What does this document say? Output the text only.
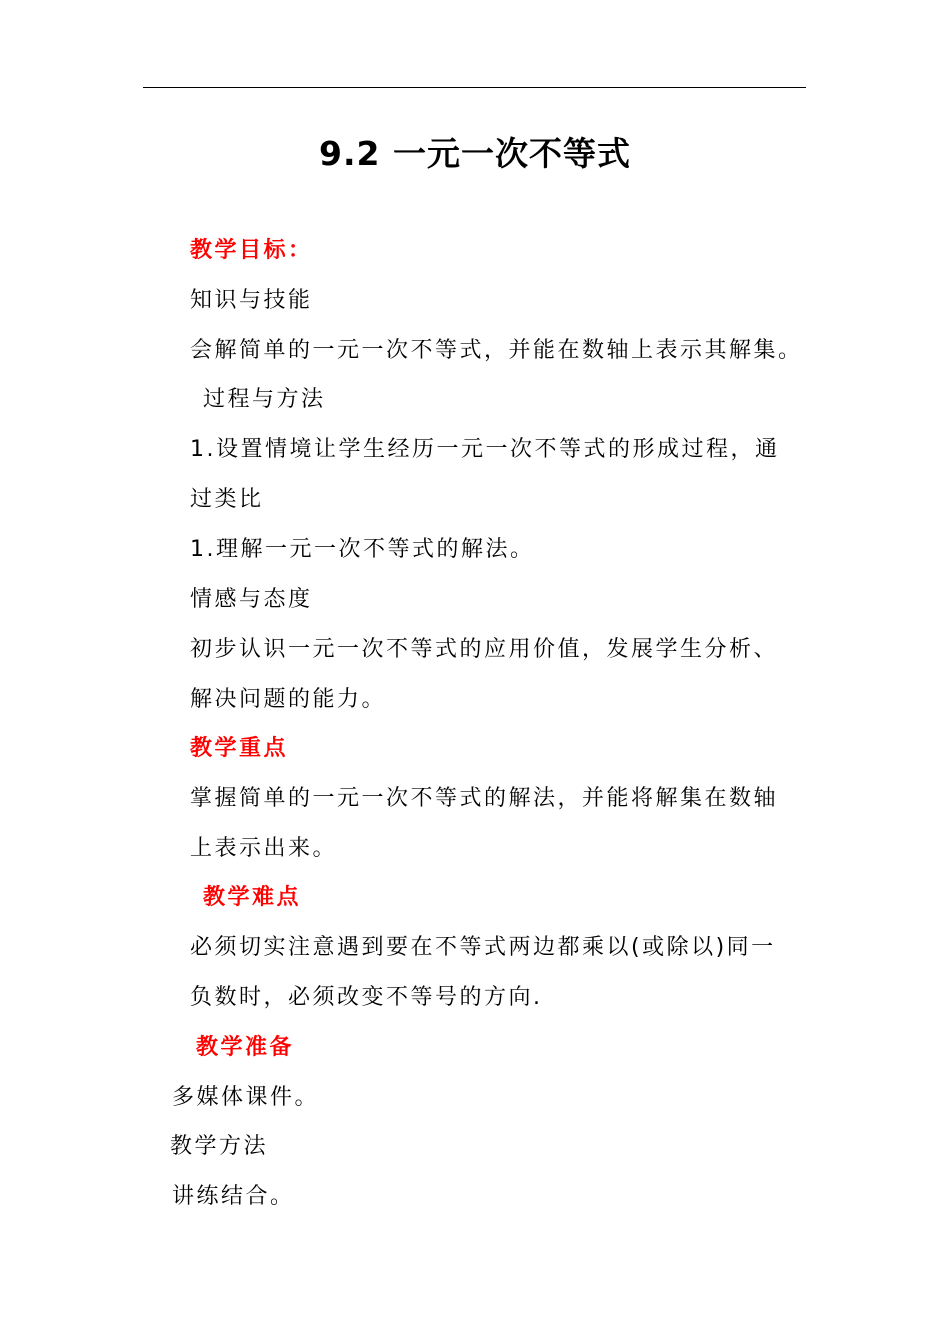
9.2 一元一次不等式
教学目标：
知识与技能
会解简单的一元一次不等式，并能在数轴上表示其解集。
过程与方法
1.设置情境让学生经历一元一次不等式的形成过程，通
过类比
1.理解一元一次不等式的解法。
情感与态度
初步认识一元一次不等式的应用价值，发展学生分析、
解决问题的能力。
教学重点
掌握简单的一元一次不等式的解法，并能将解集在数轴
上表示出来。
教学难点
必须切实注意遇到要在不等式两边都乘以(或除以)同一
负数时，必须改变不等号的方向.
教学准备
多媒体课件。
教学方法
讲练结合。
